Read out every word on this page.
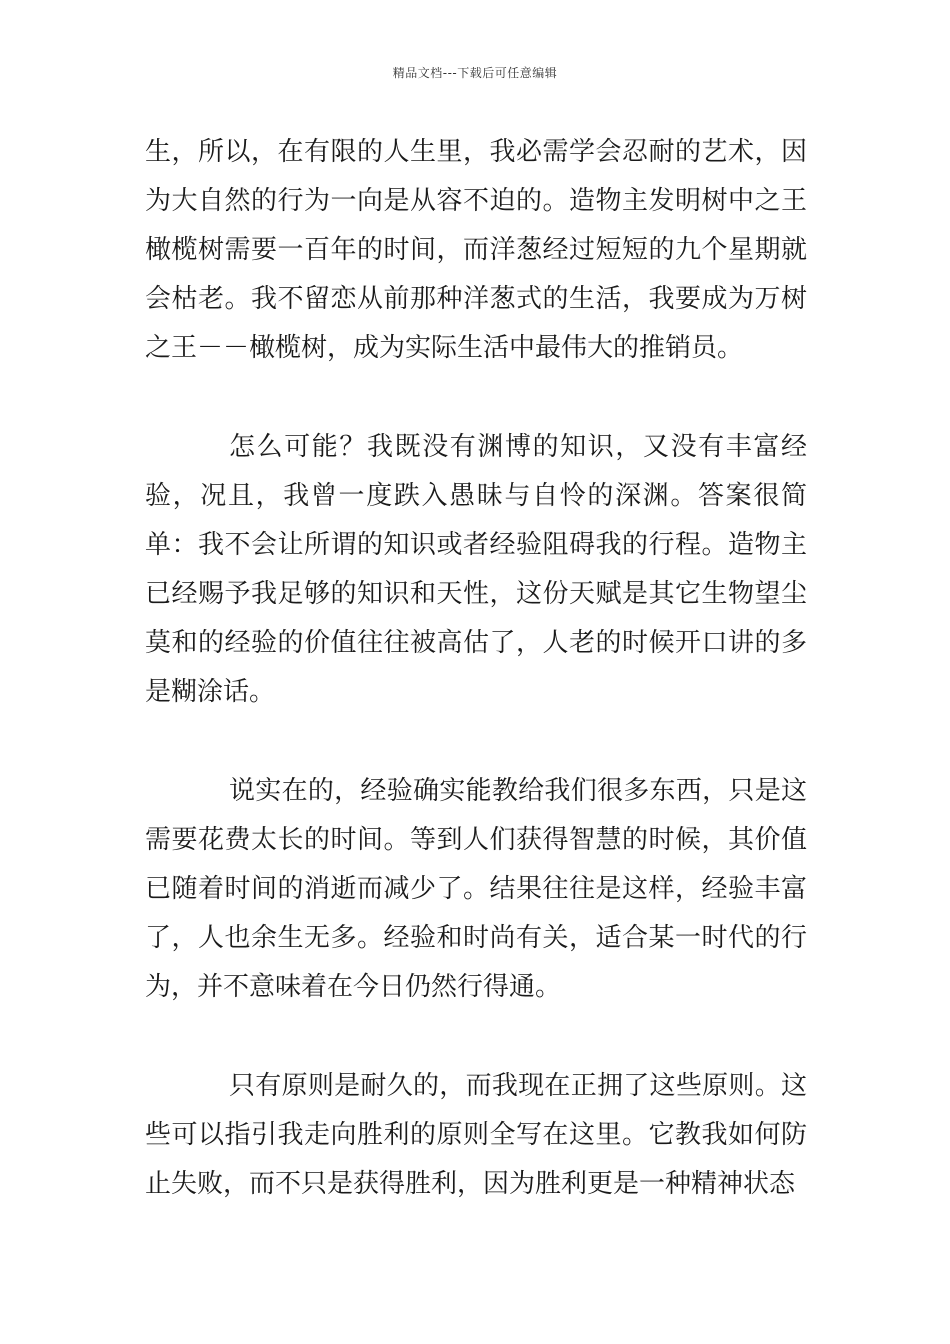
精品文档---下载后可任意编辑

生，所以，在有限的人生里，我必需学会忍耐的艺术，因为大自然的行为一向是从容不迫的。造物主发明树中之王橄榄树需要一百年的时间，而洋葱经过短短的九个星期就会枯老。我不留恋从前那种洋葱式的生活，我要成为万树之王－－橄榄树，成为实际生活中最伟大的推销员。

怎么可能？我既没有渊博的知识，又没有丰富经验，况且，我曾一度跌入愚昧与自怜的深渊。答案很简单：我不会让所谓的知识或者经验阻碍我的行程。造物主已经赐予我足够的知识和天性，这份天赋是其它生物望尘莫和的经验的价值往往被高估了，人老的时候开口讲的多是糊涂话。

说实在的，经验确实能教给我们很多东西，只是这需要花费太长的时间。等到人们获得智慧的时候，其价值已随着时间的消逝而减少了。结果往往是这样，经验丰富了，人也余生无多。经验和时尚有关，适合某一时代的行为，并不意味着在今日仍然行得通。

只有原则是耐久的，而我现在正拥了这些原则。这些可以指引我走向胜利的原则全写在这里。它教我如何防止失败，而不只是获得胜利，因为胜利更是一种精神状态
